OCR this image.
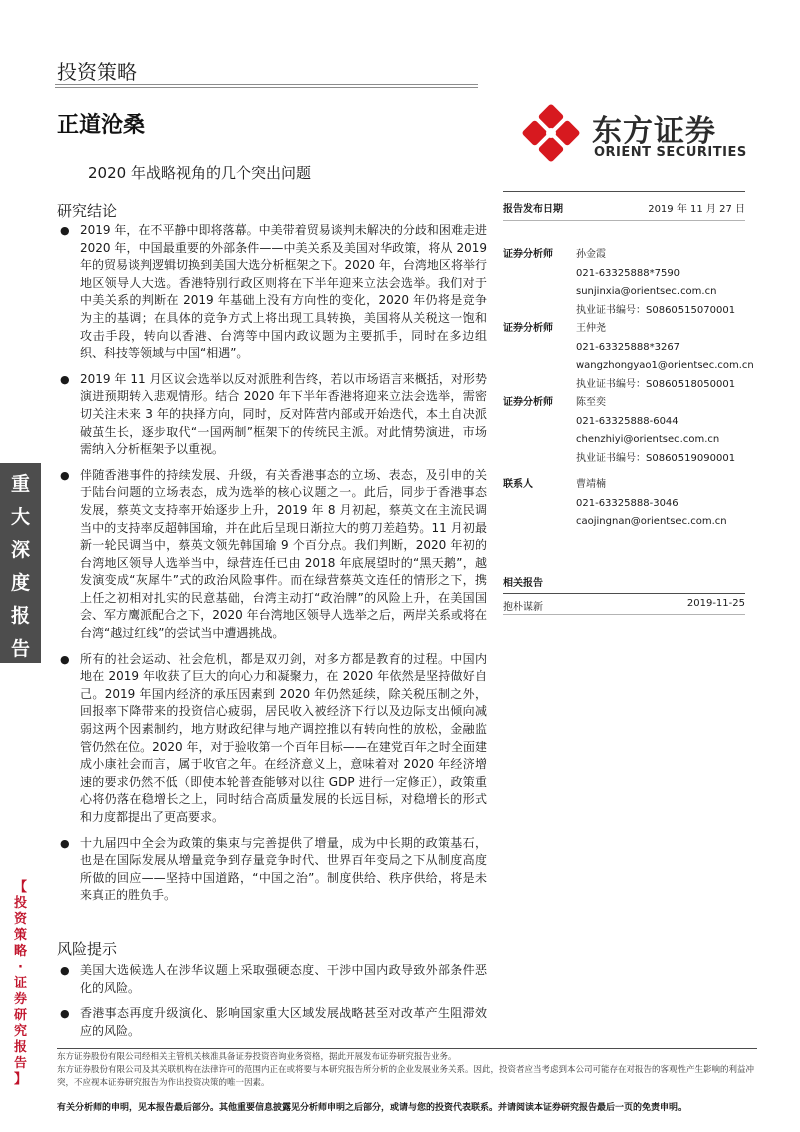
重
大
深
度
报
告
【
投
资
策
略
·
证
券
研
究
报
告
】
投资策略
正道沧桑
2020 年战略视角的几个突出问题
东方证券
ORIENT SECURITIES
研究结论

● 2019 年，在不平静中即将落幕。中美带着贸易谈判未解决的分歧和困难走进 2020 年，中国最重要的外部条件——中美关系及美国对华政策，将从 2019 年的贸易谈判逻辑切换到美国大选分析框架之下。2020 年，台湾地区将举行地区领导人大选。香港特别行政区则将在下半年迎来立法会选举。我们对于中美关系的判断在 2019 年基础上没有方向性的变化，2020 年仍将是竞争为主的基调；在具体的竞争方式上将出现工具转换，美国将从关税这一饱和攻击手段，转向以香港、台湾等中国内政议题为主要抓手，同时在多边组织、科技等领域与中国“相遇”。

● 2019 年 11 月区议会选举以反对派胜利告终，若以市场语言来概括，对形势演进预期转入悲观情形。结合 2020 年下半年香港将迎来立法会选举，需密切关注未来 3 年的抉择方向，同时，反对阵营内部或开始迭代，本土自决派破茧生长，逐步取代“一国两制”框架下的传统民主派。对此情势演进，市场需纳入分析框架予以重视。

● 伴随香港事件的持续发展、升级，有关香港事态的立场、表态，及引申的关于陆台问题的立场表态，成为选举的核心议题之一。此后，同步于香港事态发展，蔡英文支持率开始逐步上升，2019 年 8 月初起，蔡英文在主流民调当中的支持率反超韩国瑜，并在此后呈现日渐拉大的剪刀差趋势。11 月初最新一轮民调当中，蔡英文领先韩国瑜 9 个百分点。我们判断，2020 年初的台湾地区领导人选举当中，绿营连任已由 2018 年底展望时的“黑天鹅”，越发演变成“灰犀牛”式的政治风险事件。而在绿营蔡英文连任的情形之下，携上任之初相对扎实的民意基础，台湾主动打“政治牌”的风险上升，在美国国会、军方鹰派配合之下，2020 年台湾地区领导人选举之后，两岸关系或将在台湾“越过红线”的尝试当中遭遇挑战。

● 所有的社会运动、社会危机，都是双刃剑，对多方都是教育的过程。中国内地在 2019 年收获了巨大的向心力和凝聚力，在 2020 年依然是坚持做好自己。2019 年国内经济的承压因素到 2020 年仍然延续，除关税压制之外，回报率下降带来的投资信心疲弱，居民收入被经济下行以及边际支出倾向减弱这两个因素制约，地方财政纪律与地产调控推以有转向性的放松，金融监管仍然在位。2020 年，对于验收第一个百年目标——在建党百年之时全面建成小康社会而言，属于收官之年。在经济意义上，意味着对 2020 年经济增速的要求仍然不低（即使本轮普查能够对以往 GDP 进行一定修正），政策重心将仍落在稳增长之上，同时结合高质量发展的长远目标，对稳增长的形式和力度都提出了更高要求。

● 十九届四中全会为政策的集束与完善提供了增量，成为中长期的政策基石，也是在国际发展从增量竞争到存量竞争时代、世界百年变局之下从制度高度所做的回应——坚持中国道路，“中国之治”。制度供给、秩序供给，将是未来真正的胜负手。

风险提示

● 美国大选候选人在涉华议题上采取强硬态度、干涉中国内政导致外部条件恶化的风险。

● 香港事态再度升级演化、影响国家重大区域发展战略甚至对改革产生阻滞效应的风险。

报告发布日期	2019 年 11 月 27 日
证券分析师 孙金霞
021-63325888*7590
sunjinxia@orientsec.com.cn
执业证书编号：S0860515070001
证券分析师 王仲尧
021-63325888*3267
wangzhongyao1@orientsec.com.cn
执业证书编号：S0860518050001
证券分析师 陈至奕
021-63325888-6044
chenzhiyi@orientsec.com.cn
执业证书编号：S0860519090001
联系人	曹靖楠
021-63325888-3046
caojingnan@orientsec.com.cn
相关报告
抱朴谋新	2019-11-25
东方证券股份有限公司经相关主管机关核准具备证券投资咨询业务资格，据此开展发布证券研究报告业务。
东方证券股份有限公司及其关联机构在法律许可的范围内正在或将要与本研究报告所分析的企业发展业务关系。因此，投资者应当考虑到本公司可能存在对报告的客观性产生影响的利益冲突，不应视本证券研究报告为作出投资决策的唯一因素。
有关分析师的申明，见本报告最后部分。其他重要信息披露见分析师申明之后部分，或请与您的投资代表联系。并请阅读本证券研究报告最后一页的免责申明。
